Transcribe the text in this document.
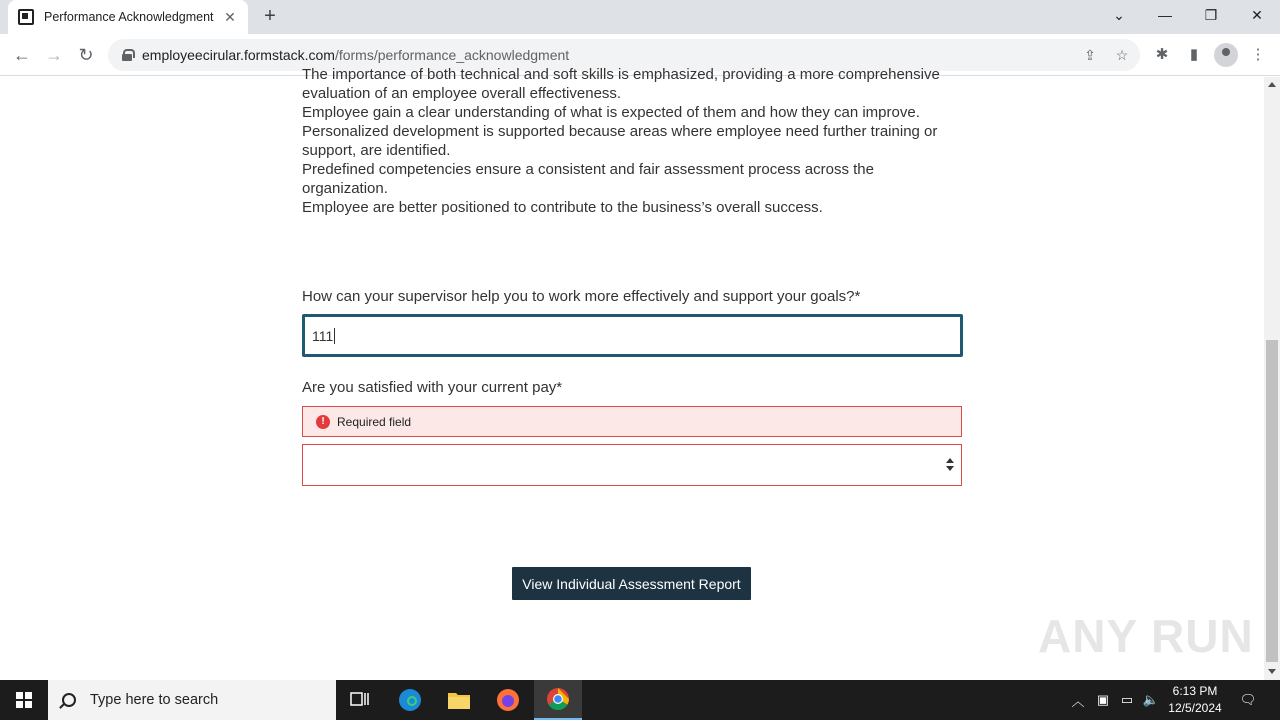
Performance Acknowledgment ✕	+	⌄	—	❐	✕
← → ↻	employeecirular.formstack.com /forms/performance_acknowledgment	⇪ ☆ ✱	▮	⋮

The importance of both technical and soft skills is emphasized, providing a more comprehensive

evaluation of an employee overall effectiveness.

Employee gain a clear understanding of what is expected of them and how they can improve.

Personalized development is supported because areas where employee need further training or

support, are identified.

Predefined competencies ensure a consistent and fair assessment process across the

organization.

Employee are better positioned to contribute to the business’s overall success.

How can your supervisor help you to work more effectively and support your goals?*
111
Are you satisfied with your current pay*
!	Required field
View Individual Assessment Report
ANY RUN
Type here to search	︿ ▣ ▭ 🔈
6:13 PM
12/5/2024
🗨
